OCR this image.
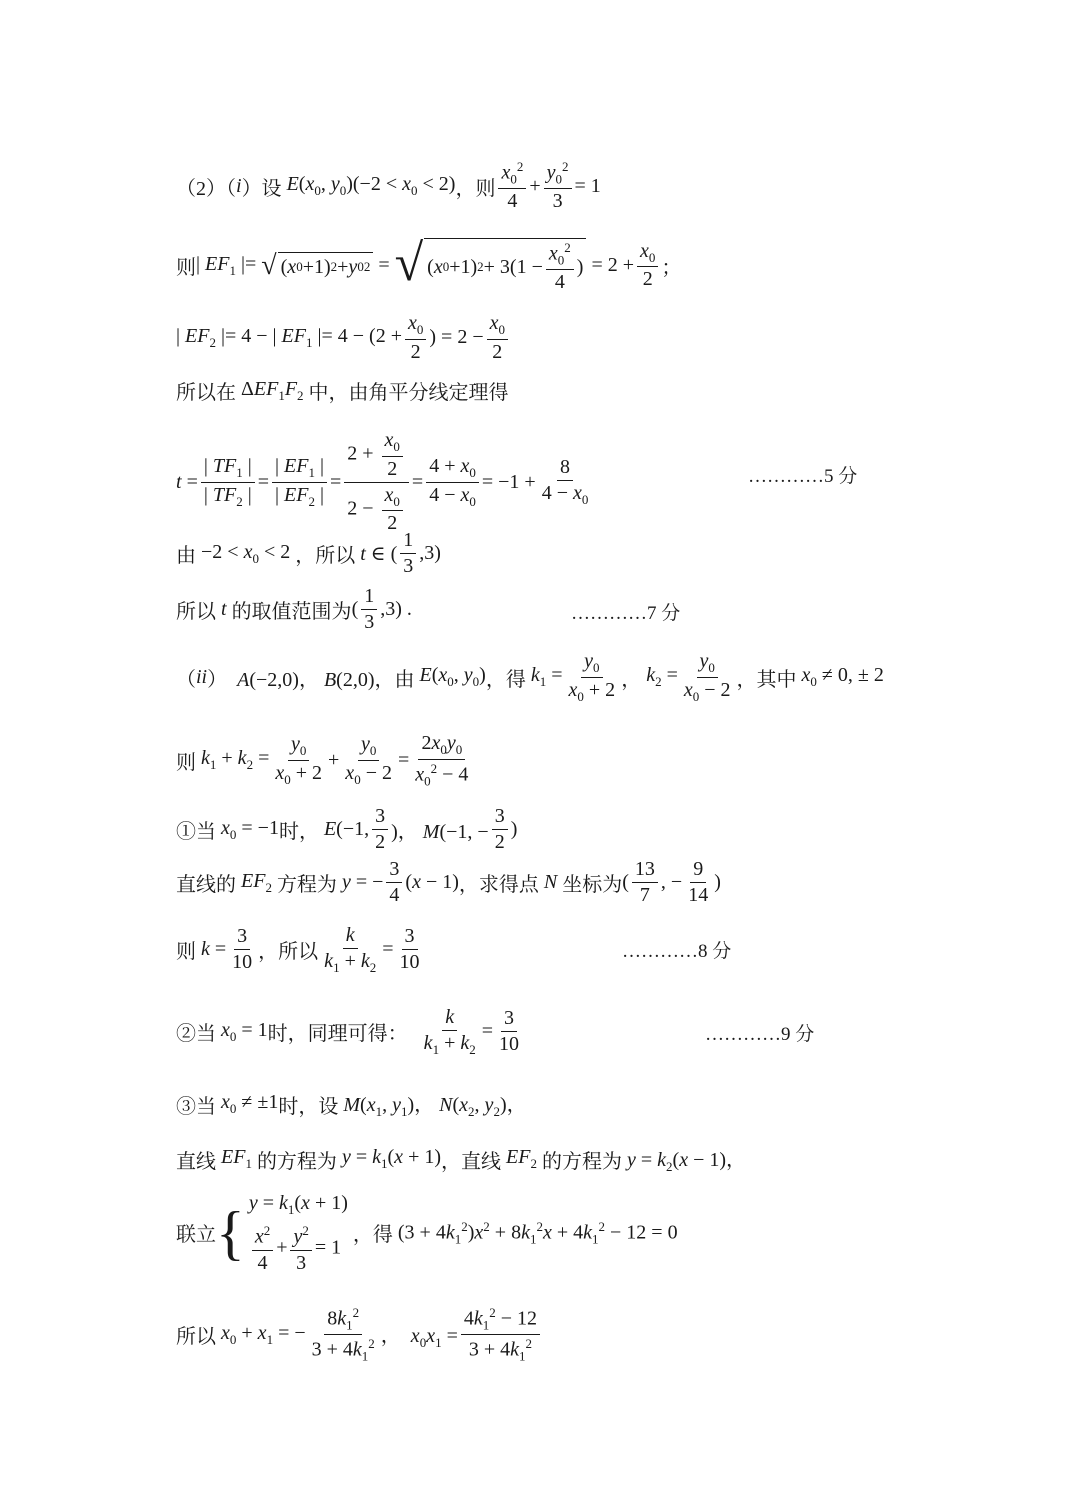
（2）（ i ）设 $E(x_0$, $y_0)(-2 < x_0 < 2)$ ，则 $\frac{x_0^2}{4} + \frac{y_0^2}{3} = 1$
则 | $EF_1$ |= √ ( x 0 +1) 2 + y 0 2 = √ ( x 0 +1) $2 + 3(1 - \frac{x_0^2}{4}$ ) = $2 + \frac{x_0}{2}$ ；
| $EF_2$ |= 4 − | $EF_1$ |= $4 - (2 + \frac{x_0}{2}$ ) = $2 - \frac{x_0}{2}$
所以在 $\Delta EF_1F_2$ 中，由角平分线定理得
$t = \frac{| TF_1 |}{| TF_2 |} = \frac{| EF_1 |}{| EF_2 |} = \frac{2 + \frac{x_0}{2}}{2 - \frac{x_0}{2}} = \frac{4 + x_0}{4 - x_0} = -1 + \frac{8}{4 - x_0}$	…………5 分
由 $-2 < x_0 < 2$ ，所以 t ∈ ( $\frac{1}{3} ,3$)
所以 t 的取值范围为 ( $\frac{1}{3} ,3$) .	…………7 分
（ ii ） A(−2,0)， B(2,0) ，由 $E(x_0$, $y_0$) ，得 $k_1 = \frac{y_0}{x_0 + 2}$ ， $k_2 = \frac{y_0}{x_0 - 2}$ ，其中 $x_0 \ne 0$, ± 2
则 $k_1 + k_2 = \frac{y_0}{x_0 + 2} + \frac{y_0}{x_0 - 2} = \frac{2x_0y_0}{x_0^2 - 4}$
①当 $x_0 = -1$ 时， E(−1, $\frac{3}{2}$ )， M(−1, − $\frac{3}{2}$ )
直线的 $EF_2$ 方程为 y = − $\frac{3}{4} (x - 1)$ ，求得点 N 坐标为 ( $\frac{13}{7}$ , − $\frac{9}{14}$ )
则 $k = \frac{3}{10}$ ，所以 $\frac{k}{k_1 + k_2} = \frac{3}{10}$	…………8 分
②当 $x_0 = 1$ 时，同理可得：
$\frac{k}{k_1 + k_2} = \frac{3}{10}$	…………9 分
③当 $x_0 \ne \pm 1$ 时，设 $M(x_1$, $y_1$)， $N(x_2$, $y_2$)，
直线 $EF_1$ 的方程为 $y = k_1(x + 1)$ ，直线 $EF_2$ 的方程为 $y = k_2(x - 1)$，
联立 { $y = k_1(x + 1)$
$\frac{x^2}{4} + \frac{y^2}{3} = 1$

，得 $(3 + 4k_1^2)x^2 + 8k_1^2x + 4k_1^2 - 12 = 0$
所以 $x_0 + x_1$ = − $\frac{8k_1^2}{3 + 4k_1^2}$ ，  $x_0x_1 = \frac{4k_1^2 - 12}{3 + 4k_1^2}$
